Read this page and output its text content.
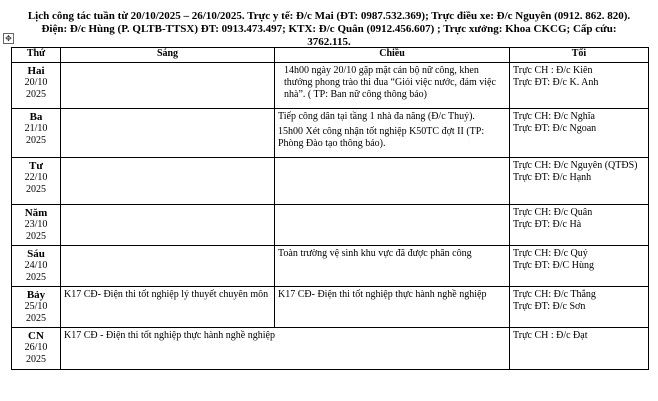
Lịch công tác tuần từ 20/10/2025 – 26/10/2025. Trực y tế: Đ/c Mai (ĐT: 0987.532.369); Trực điều xe: Đ/c Nguyên (0912. 862. 820).
Điện: Đ/c Hùng (P. QLTB-TTSX) ĐT: 0913.473.497; KTX: Đ/c Quân (0912.456.607) ; Trực xưởng: Khoa CKCG; Cấp cứu:
3762.115.
✥
Thứ	Sáng	Chiều	Tối

Hai
20/10
2025		14h00 ngày 20/10 gặp mặt cán bộ nữ công, khen thưởng phong trào thi đua “Giỏi việc nước, đảm việc nhà”. ( TP: Ban nữ công thông báo)	Trực CH : Đ/c Kiên
Trực ĐT: Đ/c K. Anh

Ba
21/10
2025		Tiếp công dân tại tầng 1 nhà đa năng (Đ/c Thuỷ).
15h00 Xét công nhận tốt nghiệp K50TC đợt II (TP: Phòng Đào tạo thông báo).	Trực CH: Đ/c Nghĩa
Trực ĐT: Đ/c Ngoan

Tư
22/10
2025			Trực CH: Đ/c Nguyên (QTĐS)
Trực ĐT: Đ/c Hạnh

Năm
23/10
2025			Trực CH: Đ/c Quân
Trực ĐT: Đ/c Hà

Sáu
24/10
2025		Toàn trường vệ sinh khu vực đã được phân công	Trực CH: Đ/c Quý
Trực ĐT: Đ/C Hùng

Bảy
25/10
2025	K17 CĐ- Điện thi tốt nghiệp lý thuyết chuyên môn	K17 CĐ- Điện thi tốt nghiệp thực hành nghề nghiệp	Trực CH: Đ/c Thắng
Trực ĐT: Đ/c Sơn

CN
26/10
2025	K17 CĐ - Điện thi tốt nghiệp thực hành nghề nghiệp		Trực CH : Đ/c Đạt
